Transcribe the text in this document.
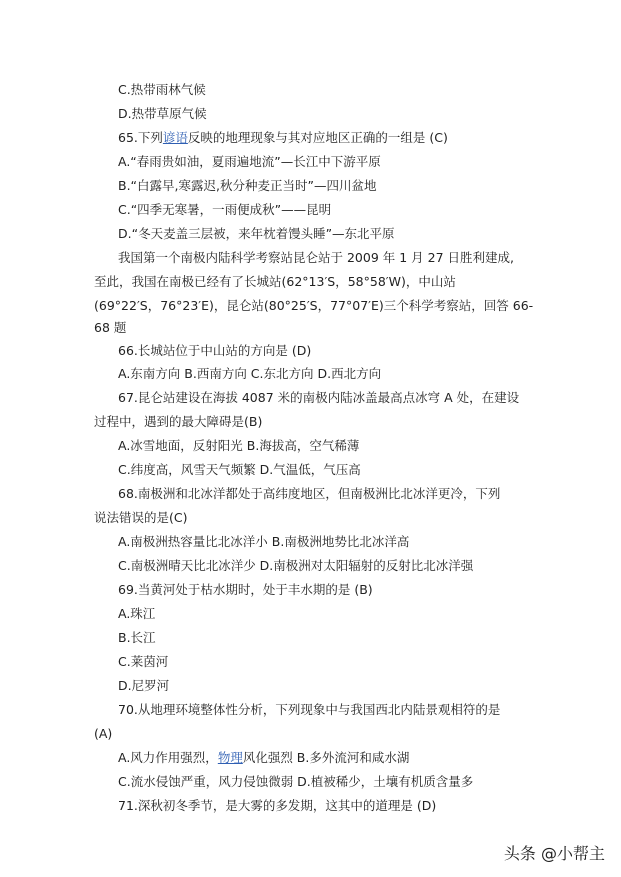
C.热带雨林气候
D.热带草原气候
65.下列谚语反映的地理现象与其对应地区正确的一组是 (C)
A.“春雨贵如油，夏雨遍地流”—长江中下游平原
B.“白露早,寒露迟,秋分种麦正当时”—四川盆地
C.“四季无寒暑，一雨便成秋”——昆明
D.“冬天麦盖三层被，来年枕着馒头睡”—东北平原
我国第一个南极内陆科学考察站昆仑站于 2009 年 1 月 27 日胜利建成,
至此，我国在南极已经有了长城站(62°13′S，58°58′W)，中山站
(69°22′S，76°23′E)，昆仑站(80°25′S，77°07′E)三个科学考察站，回答 66-
68 题
66.长城站位于中山站的方向是 (D)
A.东南方向 B.西南方向 C.东北方向 D.西北方向
67.昆仑站建设在海拔 4087 米的南极内陆冰盖最高点冰穹 A 处，在建设
过程中，遇到的最大障碍是(B)
A.冰雪地面，反射阳光 B.海拔高，空气稀薄
C.纬度高，风雪天气频繁 D.气温低，气压高
68.南极洲和北冰洋都处于高纬度地区，但南极洲比北冰洋更冷，下列
说法错误的是(C)
A.南极洲热容量比北冰洋小 B.南极洲地势比北冰洋高
C.南极洲晴天比北冰洋少 D.南极洲对太阳辐射的反射比北冰洋强
69.当黄河处于枯水期时，处于丰水期的是 (B)
A.珠江
B.长江
C.莱茵河
D.尼罗河
70.从地理环境整体性分析，下列现象中与我国西北内陆景观相符的是
(A)
A.风力作用强烈，物理风化强烈 B.多外流河和咸水湖
C.流水侵蚀严重，风力侵蚀微弱 D.植被稀少，土壤有机质含量多
71.深秋初冬季节，是大雾的多发期，这其中的道理是 (D)
头条 @小帮主
